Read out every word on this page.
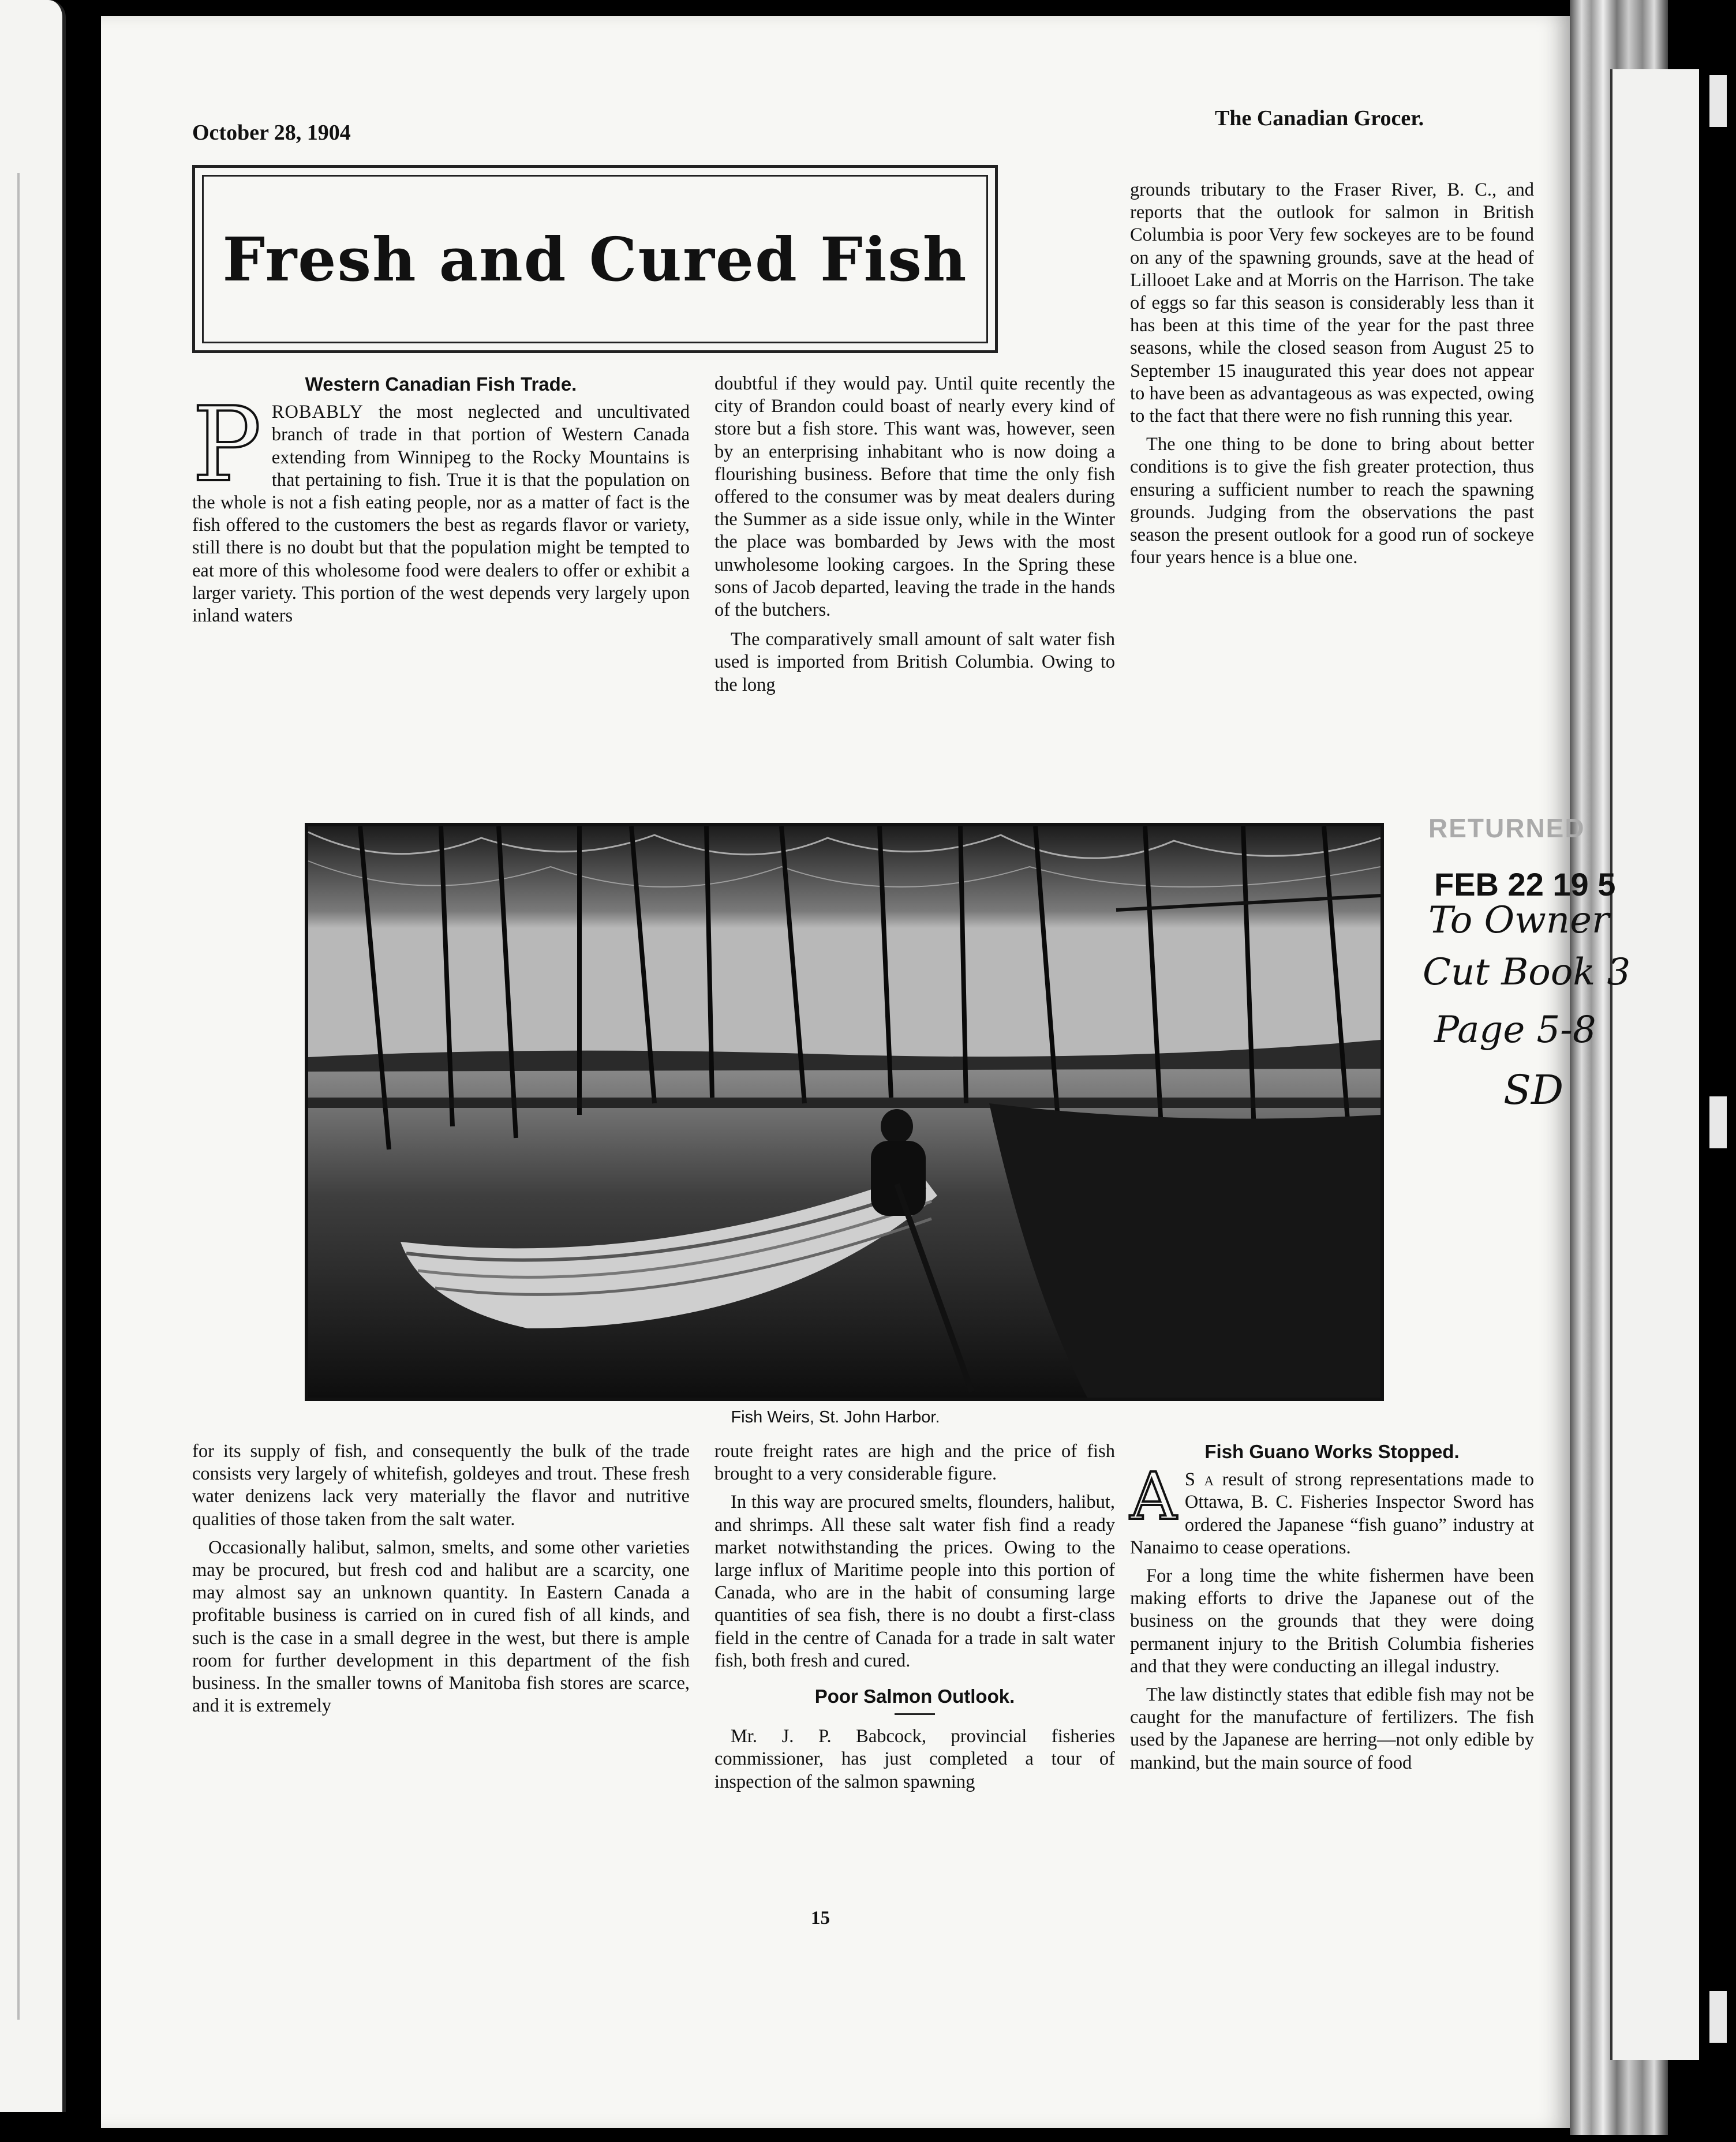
October 28, 1904
The Canadian Grocer.
Fresh and Cured Fish
Western Canadian Fish Trade.

PROBABLY the most neglected and uncultivated branch of trade in that portion of Western Canada extending from Winnipeg to the Rocky Mountains is that pertaining to fish. True it is that the population on the whole is not a fish eating people, nor as a matter of fact is the fish offered to the customers the best as regards flavor or variety, still there is no doubt but that the population might be tempted to eat more of this wholesome food were dealers to offer or exhibit a larger variety. This portion of the west depends very largely upon inland waters

doubtful if they would pay. Until quite recently the city of Brandon could boast of nearly every kind of store but a fish store. This want was, however, seen by an enterprising inhabitant who is now doing a flourishing business. Before that time the only fish offered to the consumer was by meat dealers during the Summer as a side issue only, while in the Winter the place was bombarded by Jews with the most unwholesome looking cargoes. In the Spring these sons of Jacob departed, leaving the trade in the hands of the butchers.

The comparatively small amount of salt water fish used is imported from British Columbia. Owing to the long

grounds tributary to the Fraser River, B. C., and reports that the outlook for salmon in British Columbia is poor Very few sockeyes are to be found on any of the spawning grounds, save at the head of Lillooet Lake and at Morris on the Harrison. The take of eggs so far this season is considerably less than it has been at this time of the year for the past three seasons, while the closed season from August 25 to September 15 inaugurated this year does not appear to have been as advantageous as was expected, owing to the fact that there were no fish running this year.

The one thing to be done to bring about better conditions is to give the fish greater protection, thus ensuring a sufficient number to reach the spawning grounds. Judging from the observations the past season the present outlook for a good run of sockeye four years hence is a blue one.

Fish Weirs, St. John Harbor.

for its supply of fish, and consequently the bulk of the trade consists very largely of whitefish, goldeyes and trout. These fresh water denizens lack very materially the flavor and nutritive qualities of those taken from the salt water.

Occasionally halibut, salmon, smelts, and some other varieties may be procured, but fresh cod and halibut are a scarcity, one may almost say an unknown quantity. In Eastern Canada a profitable business is carried on in cured fish of all kinds, and such is the case in a small degree in the west, but there is ample room for further development in this department of the fish business. In the smaller towns of Manitoba fish stores are scarce, and it is extremely

route freight rates are high and the price of fish brought to a very considerable figure.

In this way are procured smelts, flounders, halibut, and shrimps. All these salt water fish find a ready market notwithstanding the prices. Owing to the large influx of Maritime people into this portion of Canada, who are in the habit of consuming large quantities of sea fish, there is no doubt a first-class field in the centre of Canada for a trade in salt water fish, both fresh and cured.

Poor Salmon Outlook.

Mr. J. P. Babcock, provincial fisheries commissioner, has just completed a tour of inspection of the salmon spawning

Fish Guano Works Stopped.

A S a result of strong representations made to Ottawa, B. C. Fisheries Inspector Sword has ordered the Japanese “fish guano” industry at Nanaimo to cease operations.

For a long time the white fishermen have been making efforts to drive the Japanese out of the business on the grounds that they were doing permanent injury to the British Columbia fisheries and that they were conducting an illegal industry.

The law distinctly states that edible fish may not be caught for the manufacture of fertilizers. The fish used by the Japanese are herring—not only edible by mankind, but the main source of food

15
RETURNED
FEB 22 19 5
To Owner
Cut Book 3
Page 5-8
SD
